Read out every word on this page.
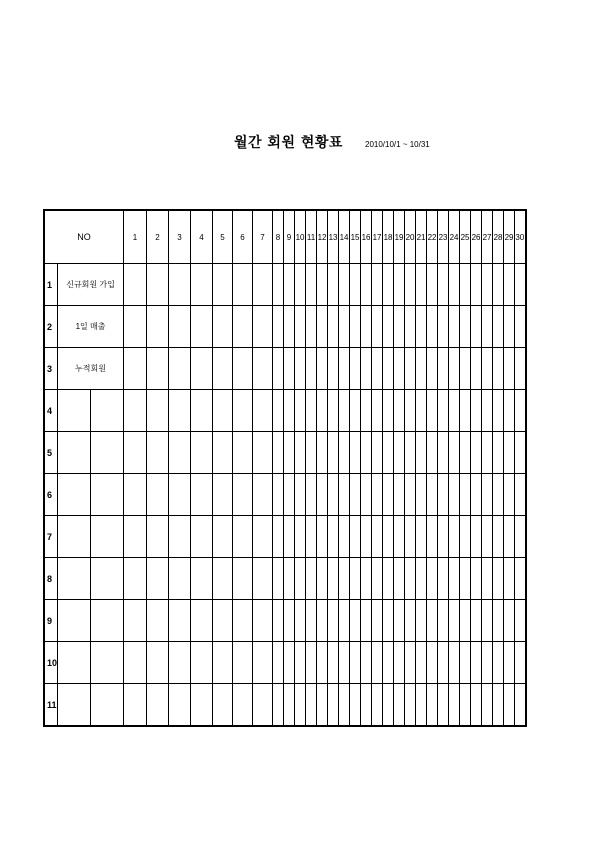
월간 회원 현황표	2010/10/1 ~ 10/31
NO			1	2	3	4	5	6	7	8	9	10	11	12	13	14	15	16	17	18	19	20	21	22	23	24	25	26	27	28	29	30
1	신규회원 가입																															
2	1일 매출																															
3	누적회원																															
4																																
5																																
6																																
7																																
8																																
9																																
10																																
11																																
